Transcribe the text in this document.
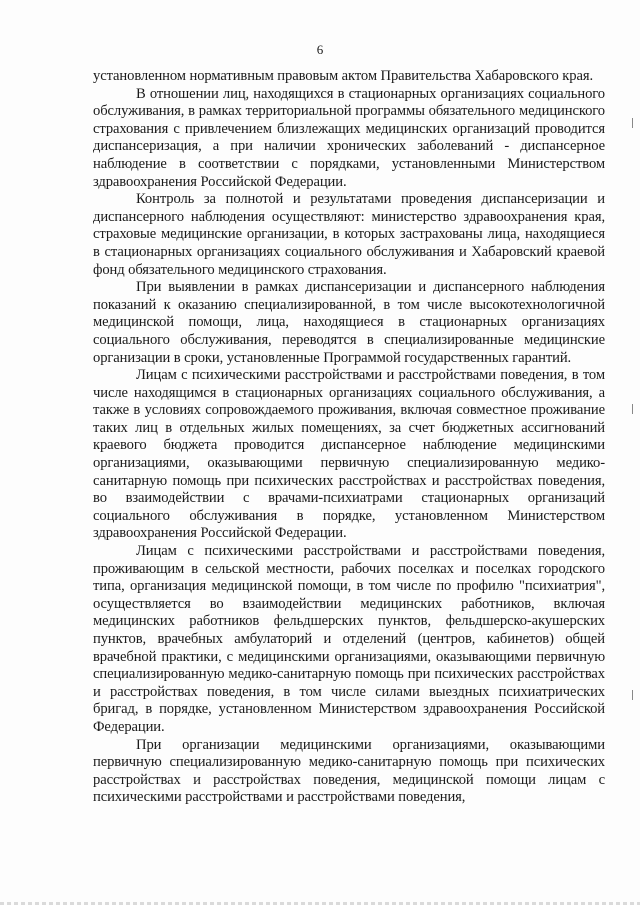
6

установленном нормативным правовым актом Правительства Хабаровского края.

В отношении лиц, находящихся в стационарных организациях социального обслуживания, в рамках территориальной программы обязательного медицинского страхования с привлечением близлежащих медицинских организаций проводится диспансеризация, а при наличии хронических заболеваний - диспансерное наблюдение в соответствии с порядками, установленными Министерством здравоохранения Российской Федерации.

Контроль за полнотой и результатами проведения диспансеризации и диспансерного наблюдения осуществляют: министерство здравоохранения края, страховые медицинские организации, в которых застрахованы лица, находящиеся в стационарных организациях социального обслуживания и Хабаровский краевой фонд обязательного медицинского страхования.

При выявлении в рамках диспансеризации и диспансерного наблюдения показаний к оказанию специализированной, в том числе высокотехнологичной медицинской помощи, лица, находящиеся в стационарных организациях социального обслуживания, переводятся в специализированные медицинские организации в сроки, установленные Программой государственных гарантий.

Лицам с психическими расстройствами и расстройствами поведения, в том числе находящимся в стационарных организациях социального обслуживания, а также в условиях сопровождаемого проживания, включая совместное проживание таких лиц в отдельных жилых помещениях, за счет бюджетных ассигнований краевого бюджета проводится диспансерное наблюдение медицинскими организациями, оказывающими первичную специализированную медико-санитарную помощь при психических расстройствах и расстройствах поведения, во взаимодействии с врачами-психиатрами стационарных организаций социального обслуживания в порядке, установленном Министерством здравоохранения Российской Федерации.

Лицам с психическими расстройствами и расстройствами поведения, проживающим в сельской местности, рабочих поселках и поселках городского типа, организация медицинской помощи, в том числе по профилю "психиатрия", осуществляется во взаимодействии медицинских работников, включая медицинских работников фельдшерских пунктов, фельдшерско-акушерских пунктов, врачебных амбулаторий и отделений (центров, кабинетов) общей врачебной практики, с медицинскими организациями, оказывающими первичную специализированную медико-санитарную помощь при психических расстройствах и расстройствах поведения, в том числе силами выездных психиатрических бригад, в порядке, установленном Министерством здравоохранения Российской Федерации.

При организации медицинскими организациями, оказывающими первичную специализированную медико-санитарную помощь при психических расстройствах и расстройствах поведения, медицинской помощи лицам с психическими расстройствами и расстройствами поведения,
